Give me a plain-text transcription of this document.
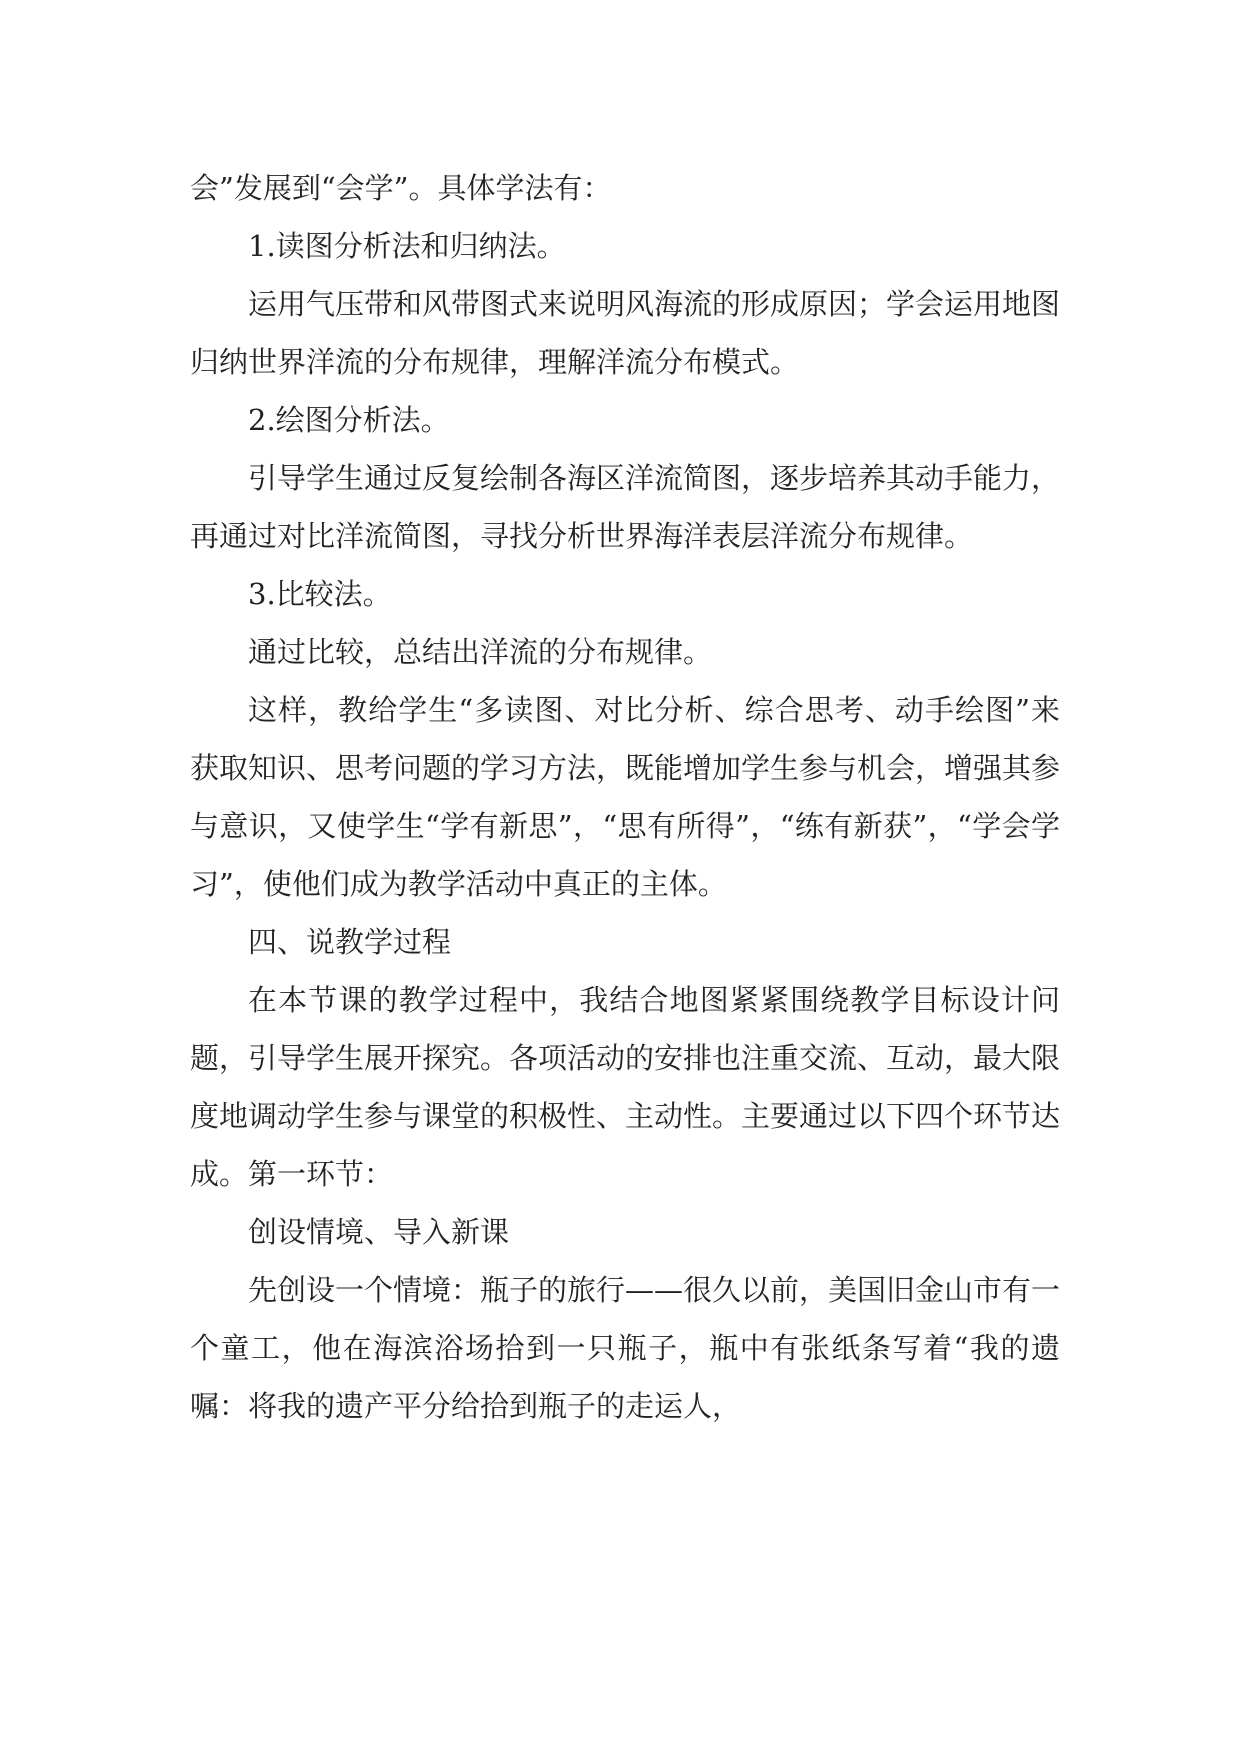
会”发展到“会学”。具体学法有：

1.读图分析法和归纳法。

运用气压带和风带图式来说明风海流的形成原因；学会运用地图归纳世界洋流的分布规律，理解洋流分布模式。

2.绘图分析法。

引导学生通过反复绘制各海区洋流简图，逐步培养其动手能力，再通过对比洋流简图，寻找分析世界海洋表层洋流分布规律。

3.比较法。

通过比较，总结出洋流的分布规律。

这样，教给学生“多读图、对比分析、综合思考、动手绘图”来获取知识、思考问题的学习方法，既能增加学生参与机会，增强其参与意识，又使学生“学有新思”，“思有所得”，“练有新获”，“学会学习”，使他们成为教学活动中真正的主体。

四、说教学过程

在本节课的教学过程中，我结合地图紧紧围绕教学目标设计问题，引导学生展开探究。各项活动的安排也注重交流、互动，最大限度地调动学生参与课堂的积极性、主动性。主要通过以下四个环节达成。第一环节：

创设情境、导入新课

先创设一个情境：瓶子的旅行——很久以前，美国旧金山市有一个童工，他在海滨浴场拾到一只瓶子，瓶中有张纸条写着“我的遗嘱：将我的遗产平分给拾到瓶子的走运人，
